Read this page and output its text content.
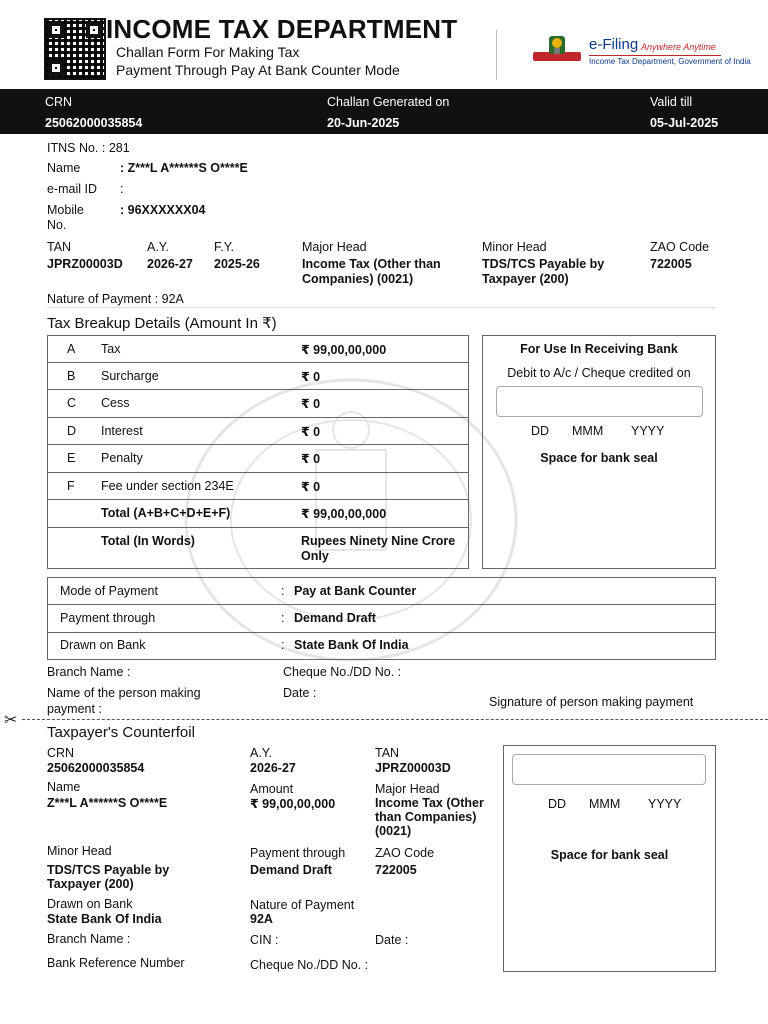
INCOME TAX DEPARTMENT
Challan Form For Making Tax
Payment Through Pay At Bank Counter Mode
e-Filing Anywhere Anytime
Income Tax Department, Government of India
CRN
25062000035854
Challan Generated on
20-Jun-2025
Valid till
05-Jul-2025
ITNS No. : 281
Name	: Z***L A******S O****E
e-mail ID :
Mobile
No.
: 96XXXXXX04
TAN
JPRZ00003D
A.Y.
2026-27
F.Y.
2025-26
Major Head
Income Tax (Other than
Companies) (0021)
Minor Head
TDS/TCS Payable by
Taxpayer (200)
ZAO Code
722005
Nature of Payment : 92A
Tax Breakup Details (Amount In ₹)
A Tax	₹ 99,00,00,000
B Surcharge	₹ 0
C Cess	₹ 0
D Interest	₹ 0
E Penalty	₹ 0
F Fee under section 234E	₹ 0
Total (A+B+C+D+E+F)	₹ 99,00,00,000
Total (In Words)	Rupees Ninety Nine Crore
Only
For Use In Receiving Bank
Debit to A/c / Cheque credited on
DD MMM YYYY
Space for bank seal
Mode of Payment	: Pay at Bank Counter
Payment through	: Demand Draft
Drawn on Bank	: State Bank Of India
Branch Name :	Cheque No./DD No. :
Name of the person making
payment :
Date :
Signature of person making payment
✂
Taxpayer's Counterfoil
CRN
25062000035854
A.Y.
2026-27
TAN
JPRZ00003D
Name
Z***L A******S O****E
Amount
₹ 99,00,00,000
Major Head
Income Tax (Other
than Companies)
(0021)
Minor Head
TDS/TCS Payable by
Taxpayer (200)
Payment through
Demand Draft
ZAO Code
722005
Drawn on Bank
State Bank Of India
Nature of Payment
92A
Branch Name :	CIN :	Date :
Bank Reference Number	Cheque No./DD No. :
DD MMM YYYY
Space for bank seal
